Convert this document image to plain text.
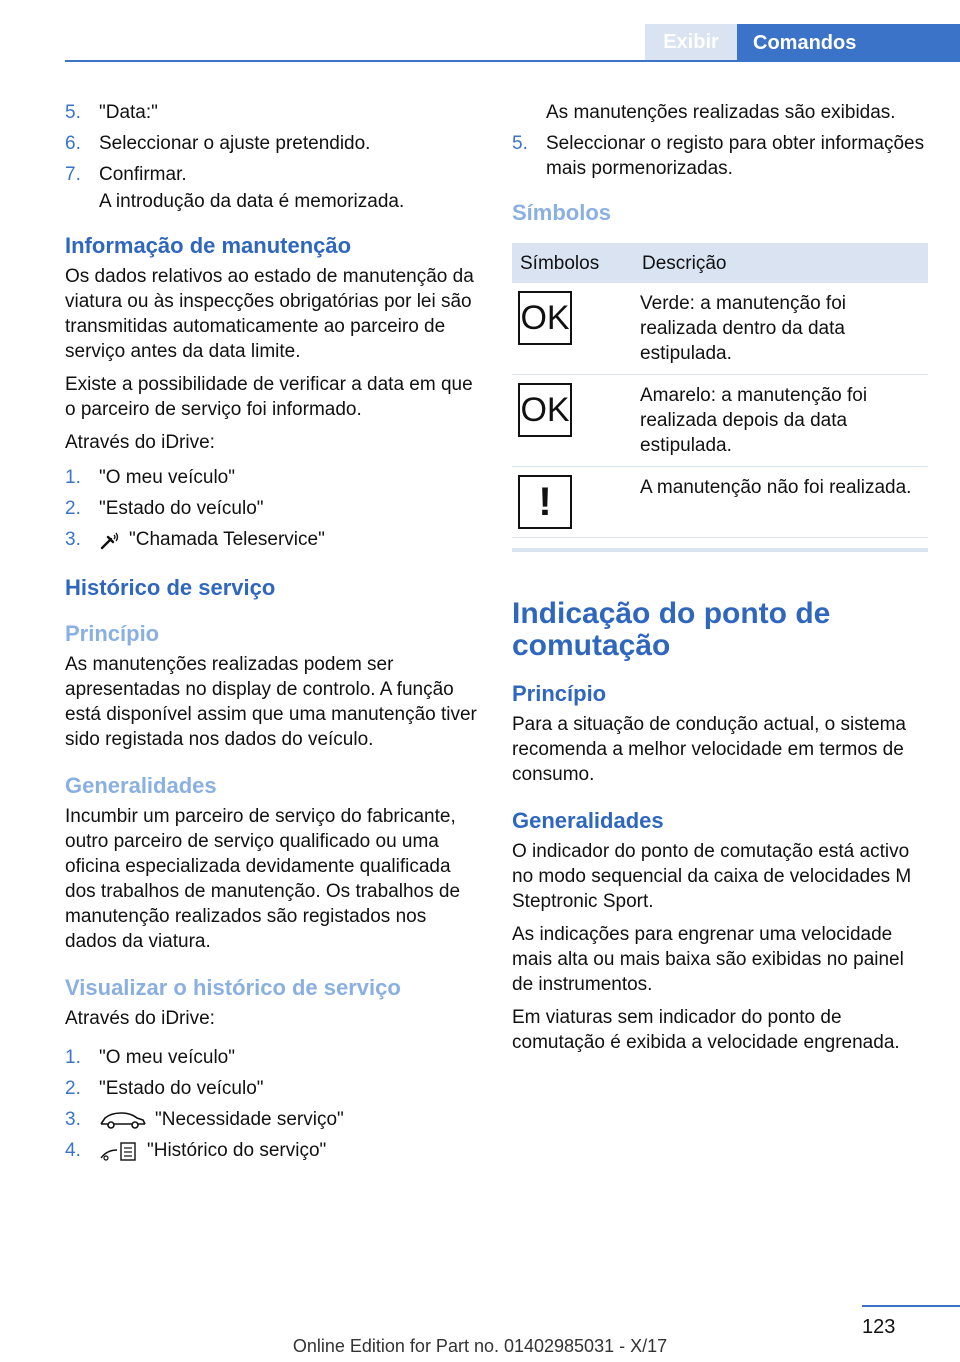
Exibir	Comandos
5. "Data:"
6. Seleccionar o ajuste pretendido.
7. Confirmar.
A introdução da data é memorizada.
Informação de manutenção

Os dados relativos ao estado de manutenção da viatura ou às inspecções obrigatórias por lei são transmitidas automaticamente ao parceiro de serviço antes da data limite.

Existe a possibilidade de verificar a data em que o parceiro de serviço foi informado.

Através do iDrive:

1. "O meu veículo"
2. "Estado do veículo"
3.	"Chamada Teleservice"
Histórico de serviço
Princípio

As manutenções realizadas podem ser apresentadas no display de controlo. A função está disponível assim que uma manutenção tiver sido registada nos dados do veículo.

Generalidades

Incumbir um parceiro de serviço do fabricante, outro parceiro de serviço qualificado ou uma oficina especializada devidamente qualificada dos trabalhos de manutenção. Os trabalhos de manutenção realizados são registados nos dados da viatura.

Visualizar o histórico de serviço

Através do iDrive:

1. "O meu veículo"
2. "Estado do veículo"
3.	"Necessidade serviço"
4.	"Histórico do serviço"
As manutenções realizadas são exibidas.
5. Seleccionar o registo para obter informações mais pormenorizadas.
Símbolos
Símbolos	Descrição

OK	Verde: a manutenção foi realizada dentro da data estipulada.

OK	Amarelo: a manutenção foi realizada depois da data estipulada.

!	A manutenção não foi realizada.
Indicação do ponto de comutação
Princípio

Para a situação de condução actual, o sistema recomenda a melhor velocidade em termos de consumo.

Generalidades

O indicador do ponto de comutação está activo no modo sequencial da caixa de velocidades M Steptronic Sport.

As indicações para engrenar uma velocidade mais alta ou mais baixa são exibidas no painel de instrumentos.

Em viaturas sem indicador do ponto de comutação é exibida a velocidade engrenada.

123
Online Edition for Part no. 01402985031 - X/17
